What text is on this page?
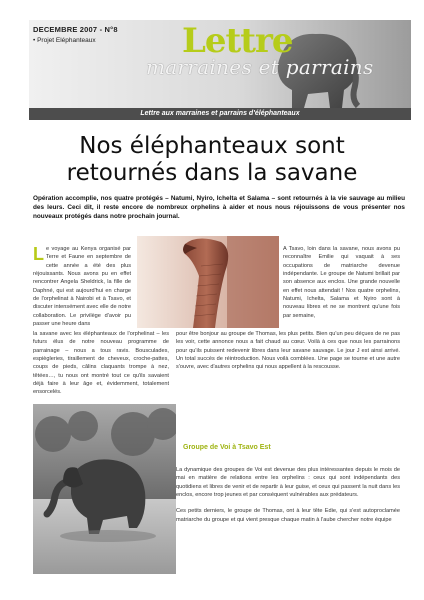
DECEMBRE 2007 - N°8
• Projet Eléphanteaux	Lettre
marraines et parrains
Lettre aux marraines et parrains d'éléphanteaux
Nos éléphanteaux sont
retournés dans la savane
Opération accomplie, nos quatre protégés – Natumi, Nyiro, Ichelta et Salama – sont retournés à la vie sauvage au milieu des leurs. Ceci dit, il reste encore de nombreux orphelins à aider et nous nous réjouissons de vous présenter nos nouveaux protégés dans notre prochain journal.
Le voyage au Kenya organisé par Terre et Faune en septembre de cette année a été des plus réjouissants. Nous avons pu en effet rencontrer Angela Sheldrick, la fille de Daphné, qui est aujourd'hui en charge de l'orphelinat à Nairobi et à Tsavo, et discuter intensément avec elle de notre collaboration. Le privilège d'avoir pu passer une heure dans
A Tsavo, loin dans la savane, nous avons pu reconnaître Emilie qui vaquait à ses occupations de matriarche devenue indépendante. Le groupe de Natumi brillait par son absence aux enclos. Une grande nouvelle en effet nous attendait ! Nos quatre orphelins, Natumi, Ichelta, Salama et Nyiro sont à nouveau libres et ne se montrent qu'une fois par semaine,
la savane avec les éléphanteaux de l'orphelinat – les futurs élus de notre nouveau programme de parrainage – nous a tous ravis. Bousculades, espiègleries, tiraillement de cheveux, croche-pattes, coups de pieds, câlins claquants trompe à nez, têtées…, tu nous ont montré tout ce qu'ils savaient déjà faire à leur âge et, évidemment, totalement ensorcelés.
pour être bonjour au groupe de Thomas, les plus petits. Bien qu'un peu déçues de ne pas les voir, cette annonce nous a fait chaud au cœur. Voilà à ces que nous les parrainons pour qu'ils puissent redevenir libres dans leur savane sauvage. Le jour J est ainsi arrivé. Un total succès de réintroduction. Nous voilà comblées. Une page se tourne et une autre s'ouvre, avec d'autres orphelins qui nous appellent à la rescousse.
Groupe de Voi à Tsavo Est

La dynamique des groupes de Voi est devenue des plus intéressantes depuis le mois de mai en matière de relations entre les orphelins : ceux qui sont indépendants des quotidiens et libres de venir et de repartir à leur guise, et ceux qui passent la nuit dans les enclos, encore trop jeunes et par conséquent vulnérables aux prédateurs.

Ces petits derniers, le groupe de Thomas, ont à leur tête Edie, qui s'est autoproclamée matriarche du groupe et qui vient presque chaque matin à l'aube chercher notre équipe
